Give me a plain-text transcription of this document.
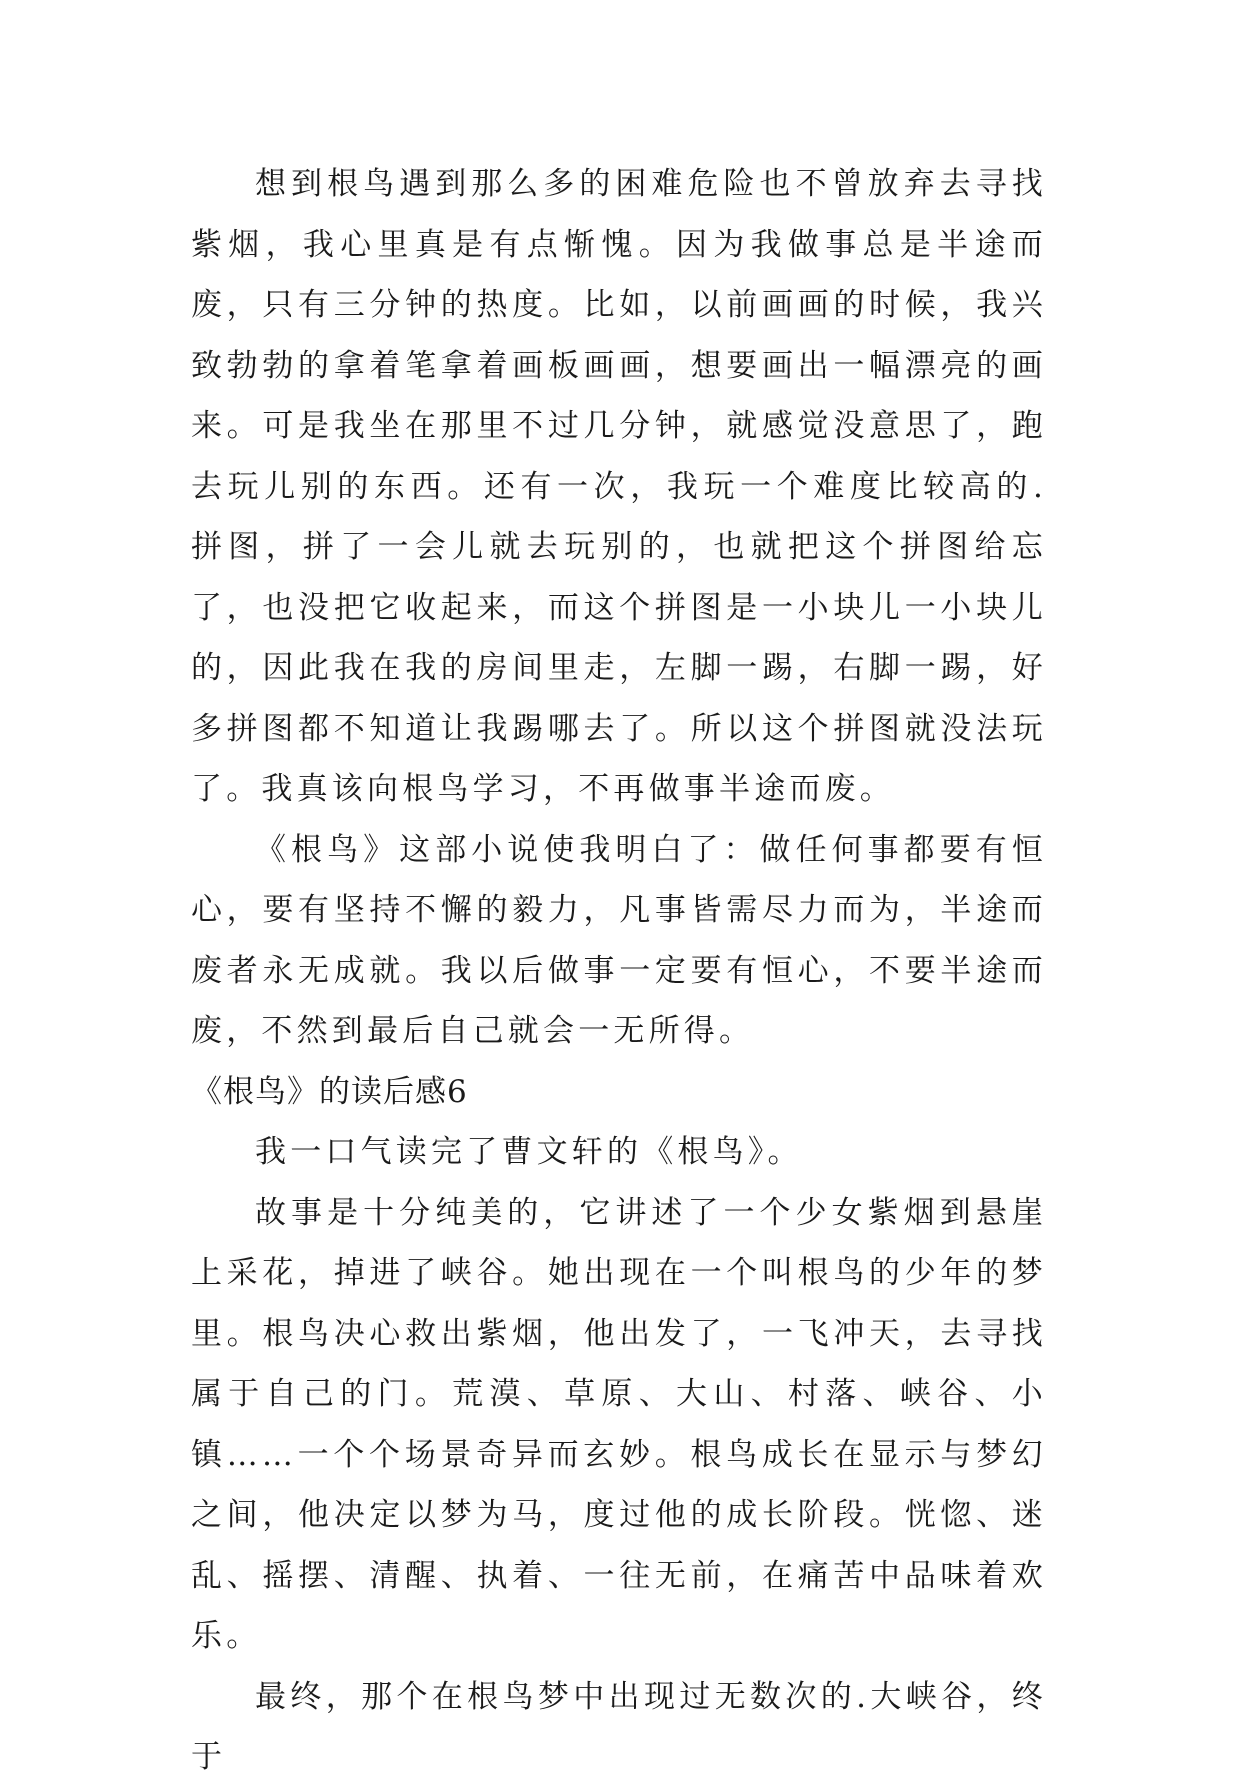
想到根鸟遇到那么多的困难危险也不曾放弃去寻找紫烟，我心里真是有点惭愧。因为我做事总是半途而废，只有三分钟的热度。比如，以前画画的时候，我兴致勃勃的拿着笔拿着画板画画，想要画出一幅漂亮的画来。可是我坐在那里不过几分钟，就感觉没意思了，跑去玩儿别的东西。还有一次，我玩一个难度比较高的.拼图，拼了一会儿就去玩别的，也就把这个拼图给忘了，也没把它收起来，而这个拼图是一小块儿一小块儿的，因此我在我的房间里走，左脚一踢，右脚一踢，好多拼图都不知道让我踢哪去了。所以这个拼图就没法玩了。我真该向根鸟学习，不再做事半途而废。

《根鸟》这部小说使我明白了：做任何事都要有恒心，要有坚持不懈的毅力，凡事皆需尽力而为，半途而废者永无成就。我以后做事一定要有恒心，不要半途而废，不然到最后自己就会一无所得。

《根鸟》的读后感6

我一口气读完了曹文轩的《根鸟》。

故事是十分纯美的，它讲述了一个少女紫烟到悬崖上采花，掉进了峡谷。她出现在一个叫根鸟的少年的梦里。根鸟决心救出紫烟，他出发了，一飞冲天，去寻找属于自己的门。荒漠、草原、大山、村落、峡谷、小镇……一个个场景奇异而玄妙。根鸟成长在显示与梦幻之间，他决定以梦为马，度过他的成长阶段。恍惚、迷乱、摇摆、清醒、执着、一往无前，在痛苦中品味着欢乐。

最终，那个在根鸟梦中出现过无数次的.大峡谷，终于
